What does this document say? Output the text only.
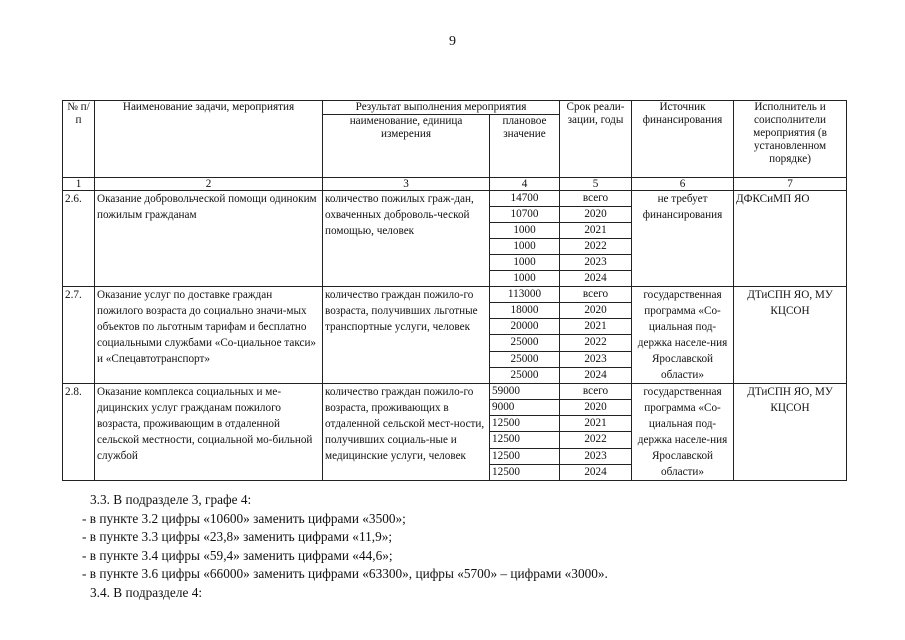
9
№ п/п	Наименование задачи, мероприятия	Результат выполнения мероприятия		Срок реали-зации, годы	Источник финансирования	Исполнитель и соисполнители мероприятия (в установленном порядке)
		наименование, единица измерения	плановое значение			
1	2	3	4	5	6	7
2.6.	Оказание добровольческой помощи одиноким пожилым гражданам	количество пожилых граж-дан, охваченных доброволь-ческой помощью, человек	14700	всего	не требует финансирования	ДФКСиМП ЯО
			10700	2020		
			1000	2021		
			1000	2022		
			1000	2023		
			1000	2024		
2.7.	Оказание услуг по доставке граждан пожилого возраста до социально значи-мых объектов по льготным тарифам и бесплатно социальными службами «Со-циальное такси» и «Спецавтотранспорт»	количество граждан пожило-го возраста, получивших льготные транспортные услуги, человек	113000	всего	государственная программа «Со-циальная под-держка населе-ния Ярославской области»	ДТиСПН ЯО, МУ КЦСОН
			18000	2020		
			20000	2021		
			25000	2022		
			25000	2023		
			25000	2024		
2.8.	Оказание комплекса социальных и ме-дицинских услуг гражданам пожилого возраста, проживающим в отдаленной сельской местности, социальной мо-бильной службой	количество граждан пожило-го возраста, проживающих в отдаленной сельской мест-ности, получивших социаль-ные и медицинские услуги, человек	59000	всего	государственная программа «Со-циальная под-держка населе-ния Ярославской области»	ДТиСПН ЯО, МУ КЦСОН
			9000	2020		
			12500	2021		
			12500	2022		
			12500	2023		
			12500	2024		
3.3. В подразделе 3, графе 4:
- в пункте 3.2 цифры «10600» заменить цифрами «3500»;
- в пункте 3.3 цифры «23,8» заменить цифрами «11,9»;
- в пункте 3.4 цифры «59,4» заменить цифрами «44,6»;
- в пункте 3.6 цифры «66000» заменить цифрами «63300», цифры «5700» – цифрами «3000».
3.4. В подразделе 4:
